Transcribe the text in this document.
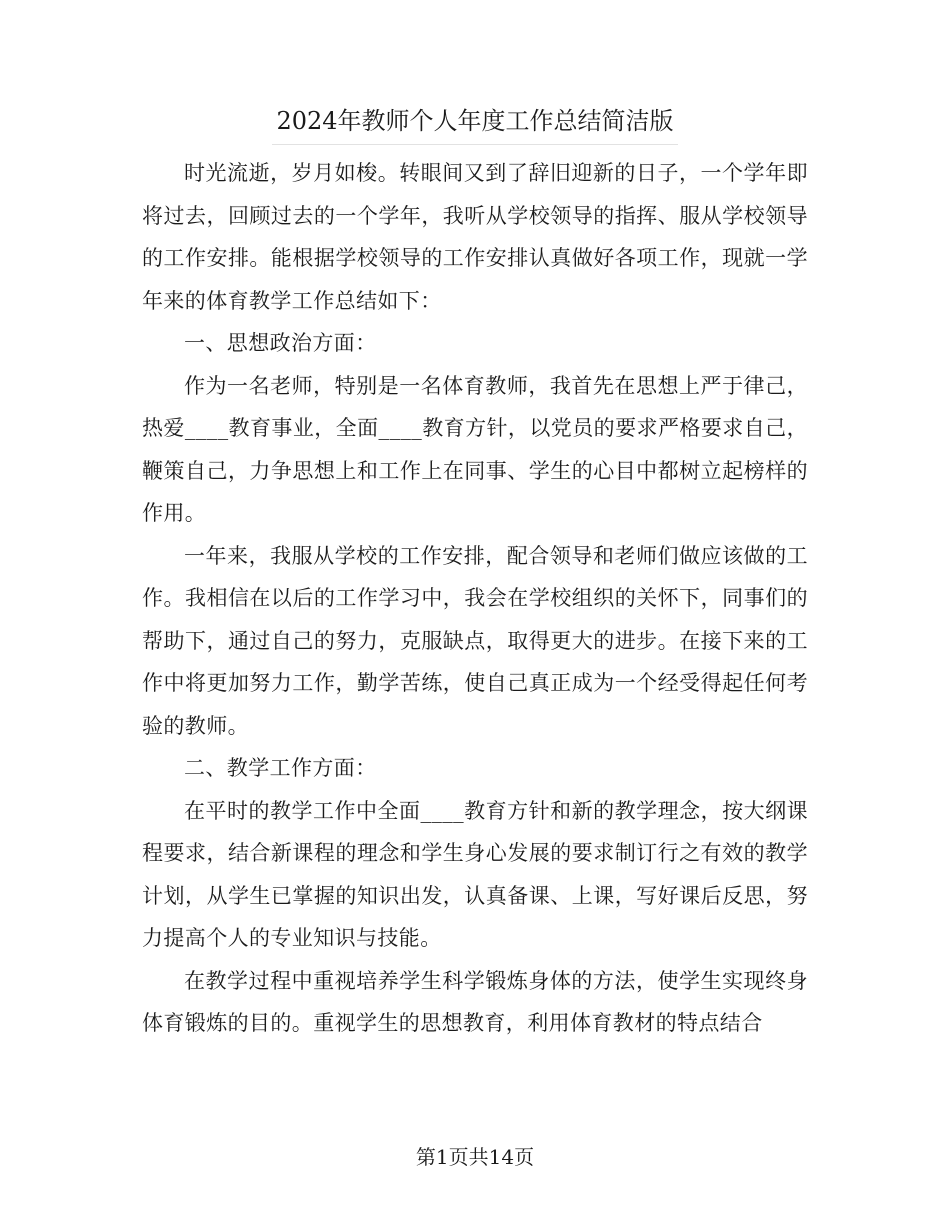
2024年教师个人年度工作总结简洁版

时光流逝，岁月如梭。转眼间又到了辞旧迎新的日子，一个学年即将过去，回顾过去的一个学年，我听从学校领导的指挥、服从学校领导的工作安排。能根据学校领导的工作安排认真做好各项工作，现就一学年来的体育教学工作总结如下：

一、思想政治方面：

作为一名老师，特别是一名体育教师，我首先在思想上严于律己，热爱____教育事业，全面____教育方针，以党员的要求严格要求自己，鞭策自己，力争思想上和工作上在同事、学生的心目中都树立起榜样的作用。

一年来，我服从学校的工作安排，配合领导和老师们做应该做的工作。我相信在以后的工作学习中，我会在学校组织的关怀下，同事们的帮助下，通过自己的努力，克服缺点，取得更大的进步。在接下来的工作中将更加努力工作，勤学苦练，使自己真正成为一个经受得起任何考验的教师。

二、教学工作方面：

在平时的教学工作中全面____教育方针和新的教学理念，按大纲课程要求，结合新课程的理念和学生身心发展的要求制订行之有效的教学计划，从学生已掌握的知识出发，认真备课、上课，写好课后反思，努力提高个人的专业知识与技能。

在教学过程中重视培养学生科学锻炼身体的方法，使学生实现终身体育锻炼的目的。重视学生的思想教育，利用体育教材的特点结合

第1页共14页
